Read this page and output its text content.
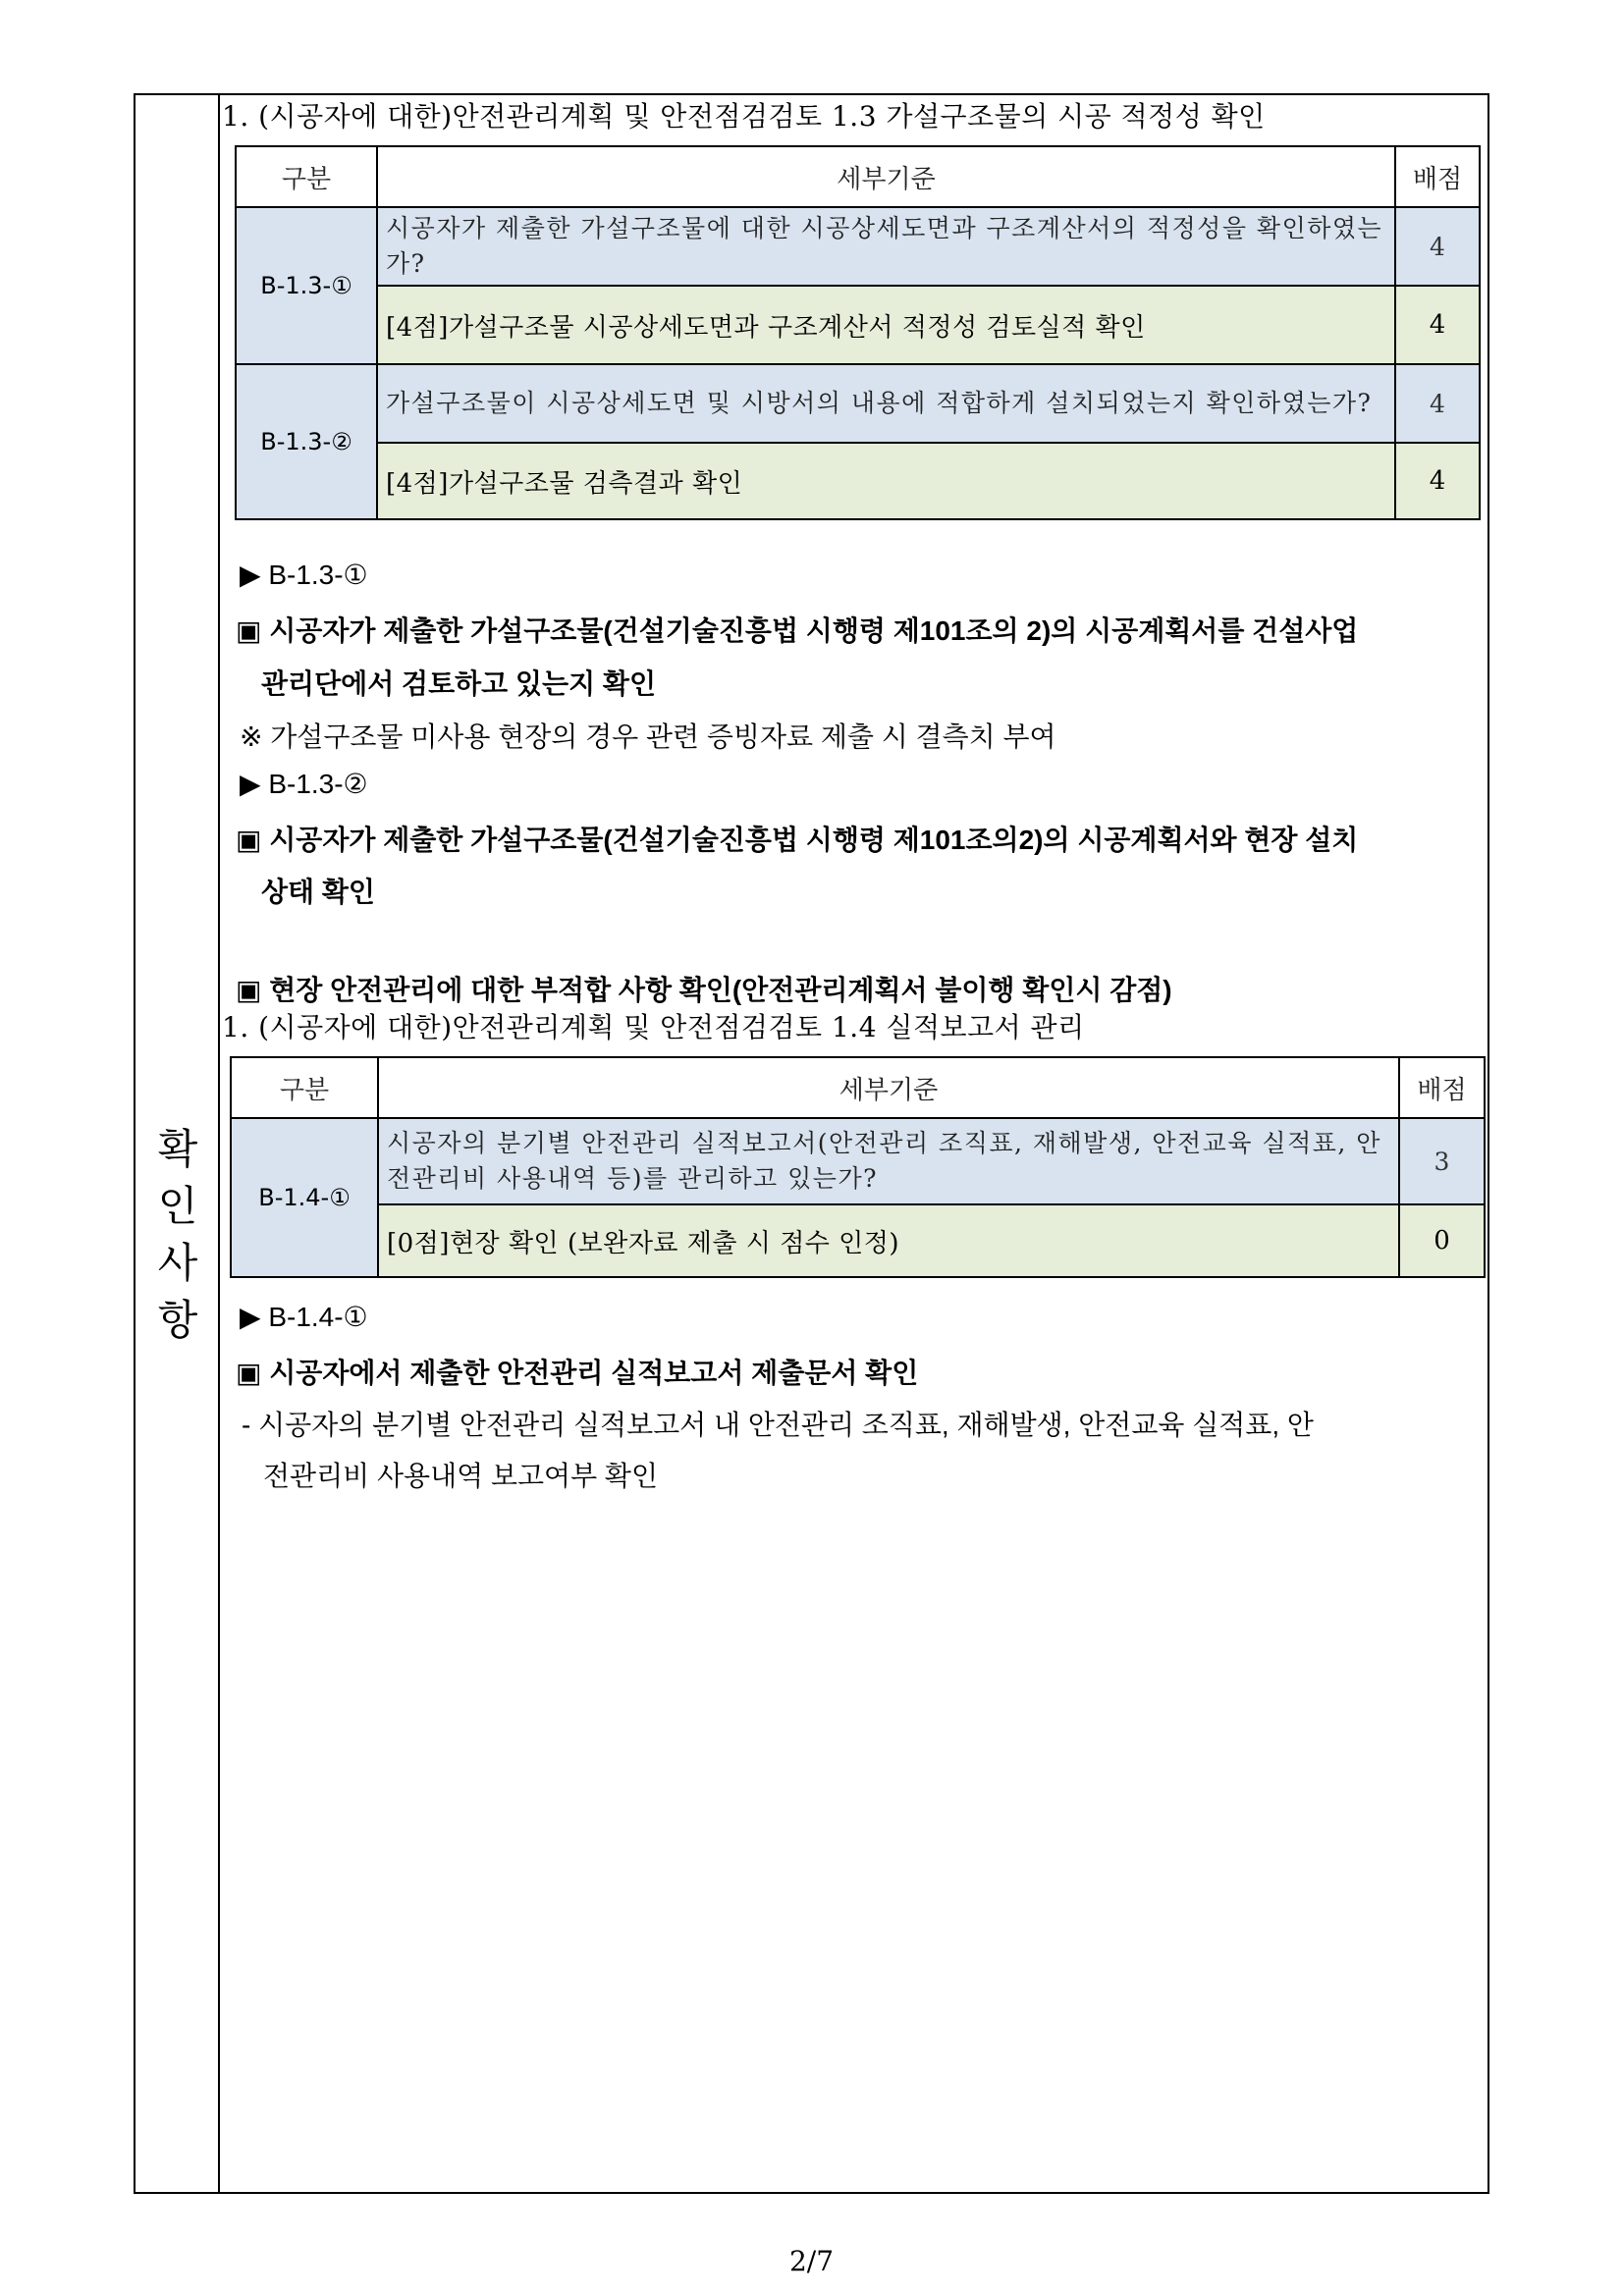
확
인
사
항
1. (시공자에 대한)안전관리계획 및 안전점검검토 1.3 가설구조물의 시공 적정성 확인
구분	세부기준	배점
B-1.3-①	시공자가 제출한 가설구조물에 대한 시공상세도면과 구조계산서의 적정성을 확인하였는가?	4
	[4점]가설구조물 시공상세도면과 구조계산서 적정성 검토실적 확인	4
B-1.3-②	가설구조물이 시공상세도면 및 시방서의 내용에 적합하게 설치되었는지 확인하였는가?	4
	[4점]가설구조물 검측결과 확인	4
▶ B-1.3-①
▣ 시공자가 제출한 가설구조물(건설기술진흥법 시행령 제101조의 2)의 시공계획서를 건설사업
관리단에서 검토하고 있는지 확인
※ 가설구조물 미사용 현장의 경우 관련 증빙자료 제출 시 결측치 부여
▶ B-1.3-②
▣ 시공자가 제출한 가설구조물(건설기술진흥법 시행령 제101조의2)의 시공계획서와 현장 설치
상태 확인
▣ 현장 안전관리에 대한 부적합 사항 확인(안전관리계획서 불이행 확인시 감점)
1. (시공자에 대한)안전관리계획 및 안전점검검토 1.4 실적보고서 관리
구분	세부기준	배점
B-1.4-①	시공자의 분기별 안전관리 실적보고서(안전관리 조직표, 재해발생, 안전교육 실적표, 안전관리비 사용내역 등)를 관리하고 있는가?	3
	[0점]현장 확인 (보완자료 제출 시 점수 인정)	0
▶ B-1.4-①
▣ 시공자에서 제출한 안전관리 실적보고서 제출문서 확인
- 시공자의 분기별 안전관리 실적보고서 내 안전관리 조직표, 재해발생, 안전교육 실적표, 안
전관리비 사용내역 보고여부 확인
2/7
